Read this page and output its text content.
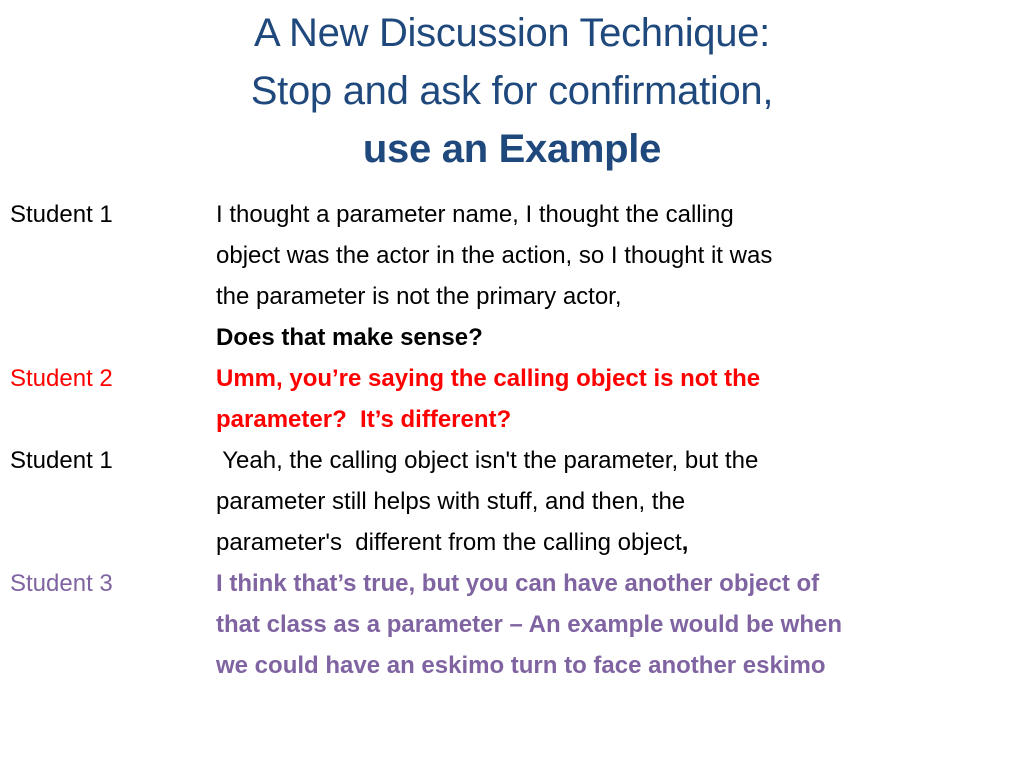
A New Discussion Technique:
Stop and ask for confirmation,
use an Example
Student 1	I thought a parameter name, I thought the calling
object was the actor in the action, so I thought it was
the parameter is not the primary actor,
Does that make sense?
Student 2	Umm, you’re saying the calling object is not the
parameter?  It’s different?
Student 1	Yeah, the calling object isn't the parameter, but the
parameter still helps with stuff, and then, the
parameter's  different from the calling object,
Student 3	I think that’s true, but you can have another object of
that class as a parameter – An example would be when
we could have an eskimo turn to face another eskimo
